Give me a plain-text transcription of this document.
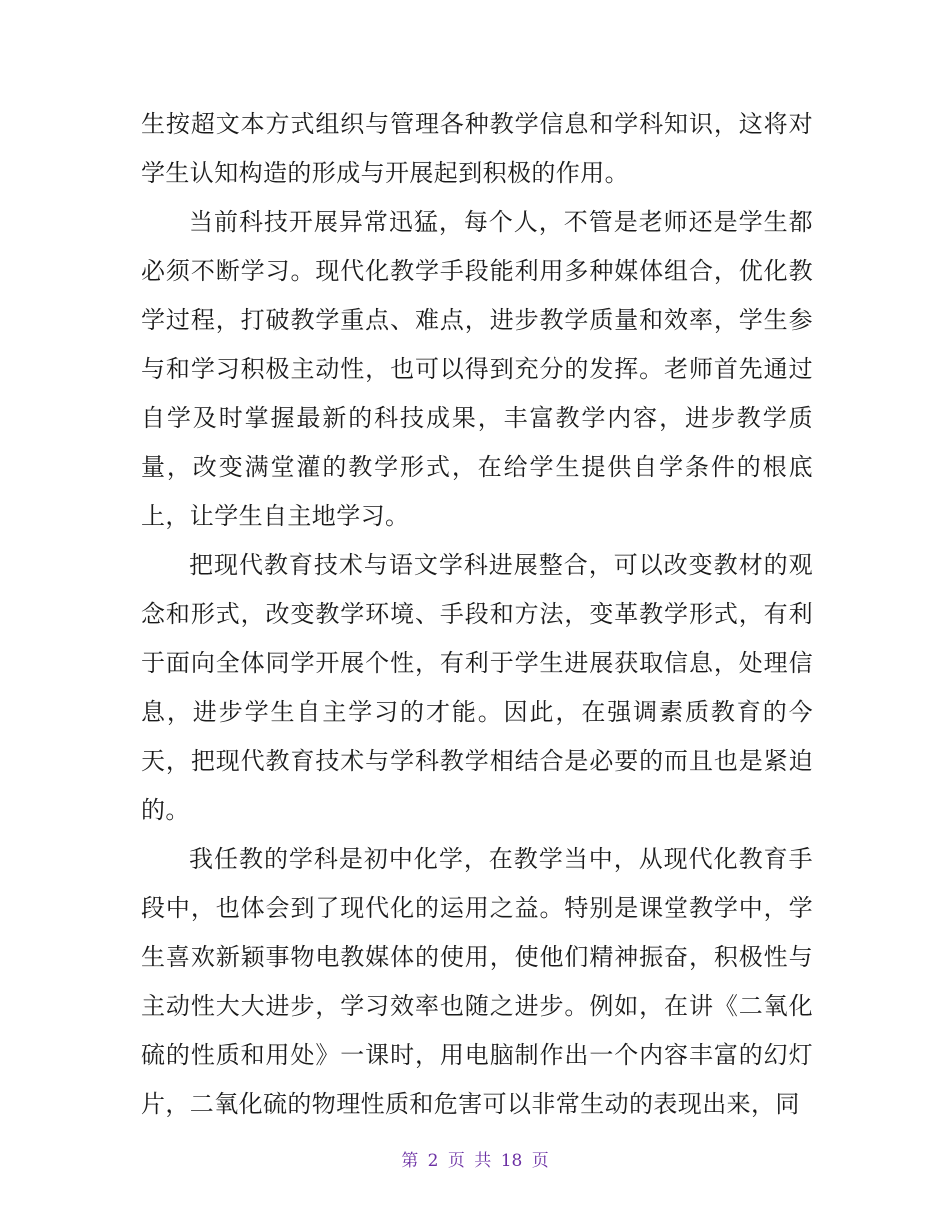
生按超文本方式组织与管理各种教学信息和学科知识，这将对学生认知构造的形成与开展起到积极的作用。

当前科技开展异常迅猛，每个人，不管是老师还是学生都必须不断学习。现代化教学手段能利用多种媒体组合，优化教学过程，打破教学重点、难点，进步教学质量和效率，学生参与和学习积极主动性，也可以得到充分的发挥。老师首先通过自学及时掌握最新的科技成果，丰富教学内容，进步教学质量，改变满堂灌的教学形式，在给学生提供自学条件的根底上，让学生自主地学习。

把现代教育技术与语文学科进展整合，可以改变教材的观念和形式，改变教学环境、手段和方法，变革教学形式，有利于面向全体同学开展个性，有利于学生进展获取信息，处理信息，进步学生自主学习的才能。因此，在强调素质教育的今天，把现代教育技术与学科教学相结合是必要的而且也是紧迫的。

我任教的学科是初中化学，在教学当中，从现代化教育手段中，也体会到了现代化的运用之益。特别是课堂教学中，学生喜欢新颖事物电教媒体的使用，使他们精神振奋，积极性与主动性大大进步，学习效率也随之进步。例如，在讲《二氧化硫的性质和用处》一课时，用电脑制作出一个内容丰富的幻灯片，二氧化硫的物理性质和危害可以非常生动的表现出来，同

第 2 页 共 18 页
